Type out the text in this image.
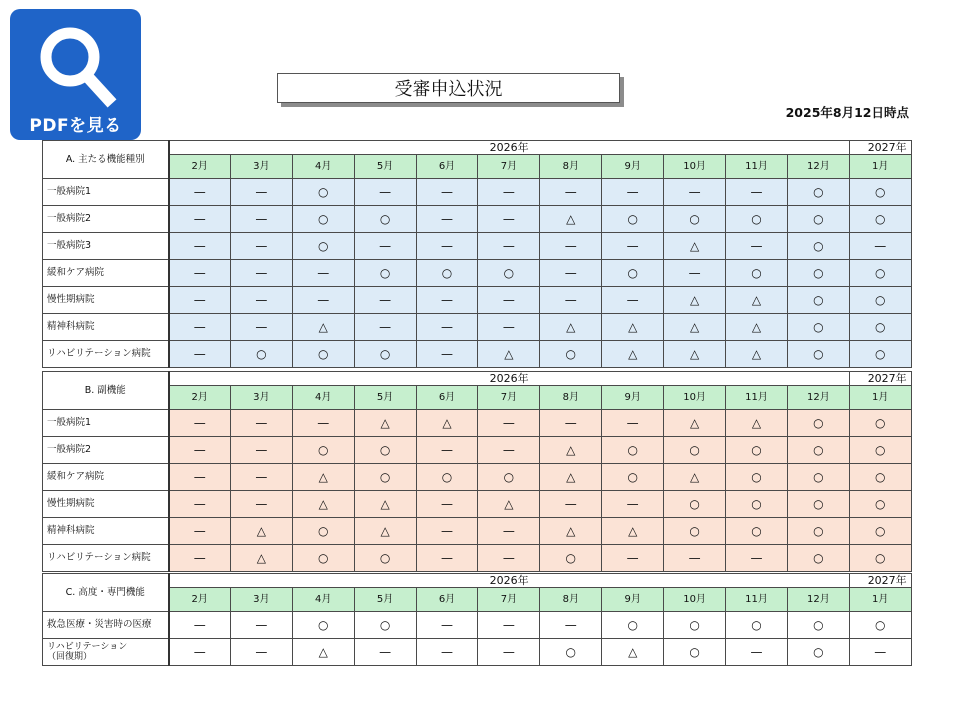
PDFを見る
受審申込状況
2025年8月12日時点
A. 主たる機能種別	2026年											2027年
	2月	3月	4月	5月	6月	7月	8月	9月	10月	11月	12月	1月
一般病院1	—	—	○	—	—	—	—	—	—	—	○	○
一般病院2	—	—	○	○	—	—	△	○	○	○	○	○
一般病院3	—	—	○	—	—	—	—	—	△	—	○	—
緩和ケア病院	—	—	—	○	○	○	—	○	—	○	○	○
慢性期病院	—	—	—	—	—	—	—	—	△	△	○	○
精神科病院	—	—	△	—	—	—	△	△	△	△	○	○
リハビリテーション病院	—	○	○	○	—	△	○	△	△	△	○	○
B. 副機能	2026年											2027年
	2月	3月	4月	5月	6月	7月	8月	9月	10月	11月	12月	1月
一般病院1	—	—	—	△	△	—	—	—	△	△	○	○
一般病院2	—	—	○	○	—	—	△	○	○	○	○	○
緩和ケア病院	—	—	△	○	○	○	△	○	△	○	○	○
慢性期病院	—	—	△	△	—	△	—	—	○	○	○	○
精神科病院	—	△	○	△	—	—	△	△	○	○	○	○
リハビリテーション病院	—	△	○	○	—	—	○	—	—	—	○	○
C. 高度・専門機能	2026年											2027年
	2月	3月	4月	5月	6月	7月	8月	9月	10月	11月	12月	1月
救急医療・災害時の医療	—	—	○	○	—	—	—	○	○	○	○	○
リハビリテーション
（回復期）	—	—	△	—	—	—	○	△	○	—	○	—
